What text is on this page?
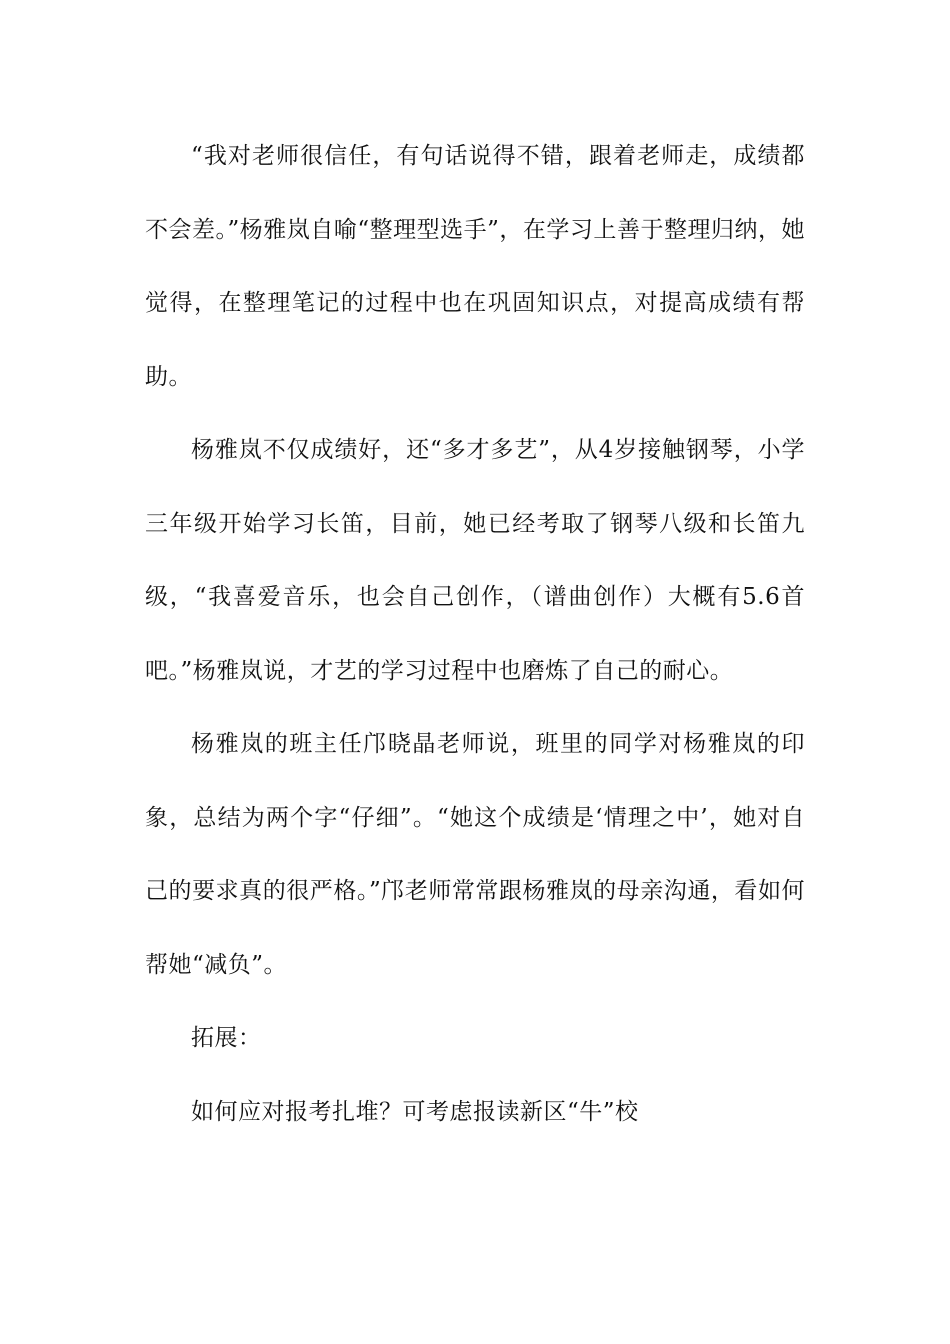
“我对老师很信任，有句话说得不错，跟着老师走，成绩都不会差。”杨雅岚自喻“整理型选手”，在学习上善于整理归纳，她觉得，在整理笔记的过程中也在巩固知识点，对提高成绩有帮助。

杨雅岚不仅成绩好，还“多才多艺”，从4岁接触钢琴，小学三年级开始学习长笛，目前，她已经考取了钢琴八级和长笛九级，“我喜爱音乐，也会自己创作，（谱曲创作）大概有5.6首吧。”杨雅岚说，才艺的学习过程中也磨炼了自己的耐心。

杨雅岚的班主任邝晓晶老师说，班里的同学对杨雅岚的印象，总结为两个字“仔细”。“她这个成绩是‘情理之中’，她对自己的要求真的很严格。”邝老师常常跟杨雅岚的母亲沟通，看如何帮她“减负”。

拓展：

如何应对报考扎堆？可考虑报读新区“牛”校
